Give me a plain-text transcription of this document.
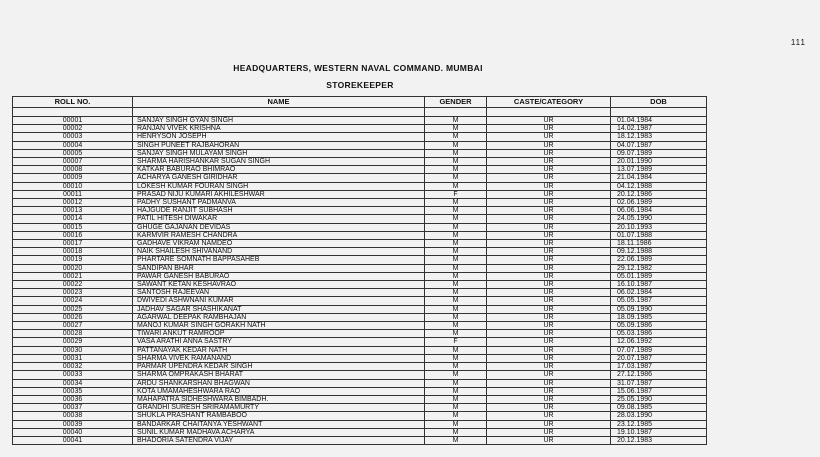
111
HEADQUARTERS, WESTERN NAVAL COMMAND. MUMBAI
STOREKEEPER
ROLL NO.	NAME	GENDER	CASTE/CATEGORY	DOB

00001	SANJAY SINGH GYAN SINGH	M	UR	01.04.1984
00002	RANJAN VIVEK KRISHNA	M	UR	14.02.1987
00003	HENRYSON JOSEPH	M	UR	18.12.1983
00004	SINGH PUNEET RAJBAHORAN	M	UR	04.07.1987
00005	SANJAY SINGH MULAYAM SINGH	M	UR	09.07.1989
00007	SHARMA HARISHANKAR SUGAN SINGH	M	UR	20.01.1990
00008	KATKAR BABURAO BHIMRAO	M	UR	13.07.1989
00009	ACHARYA GANESH GIRIDHAR	M	UR	21.04.1984
00010	LOKESH KUMAR FOURAN SINGH	M	UR	04.12.1988
00011	PRASAD NIJU KUMARI AKHILESHWAR	F	UR	20.12.1986
00012	PADHY SUSHANT PADMANVA	M	UR	02.06.1989
00013	HAJGUDE RANJIT SUBHASH	M	UR	06.06.1984
00014	PATIL HITESH DIWAKAR	M	UR	24.05.1990
00015	GHUGE GAJANAN DEVIDAS	M	UR	20.10.1993
00016	KARMVIR RAMESH CHANDRA	M	UR	01.07.1988
00017	GADHAVE VIKRAM NAMDEO	M	UR	18.11.1986
00018	NAIK SHAILESH SHIVANAND	M	UR	09.12.1988
00019	PHARTARE SOMNATH BAPPASAHEB	M	UR	22.06.1989
00020	SANDIPAN BHAR	M	UR	29.12.1982
00021	PAWAR GANESH BABURAO	M	UR	05.01.1989
00022	SAWANT KETAN KESHAVRAO	M	UR	16.10.1987
00023	SANTOSH RAJEEVAN	M	UR	06.02.1984
00024	DWIVEDI ASHWNANI KUMAR	M	UR	05.05.1987
00025	JADHAV SAGAR SHASHIKANAT	M	UR	05.09.1990
00026	AGARWAL DEEPAK RAMBHAJAN	M	UR	18.09.1985
00027	MANOJ KUMAR SINGH GORAKH NATH	M	UR	05.09.1986
00028	TIWARI ANKUT RAMROOP	M	UR	05.03.1986
00029	VASA ARATHI ANNA SASTRY	F	UR	12.06.1992
00030	PATTANAYAK KEDAR NATH	M	UR	07.07.1989
00031	SHARMA VIVEK RAMANAND	M	UR	20.07.1987
00032	PARMAR UPENDRA KEDAR SINGH	M	UR	17.03.1987
00033	SHARMA OMPRAKASH BHARAT	M	UR	27.12.1986
00034	ARDU SHANKARSHAN BHAGWAN	M	UR	31.07.1987
00035	KOTA UMAMAHESHWARA RAO	M	UR	15.06.1987
00036	MAHAPATRA SIDHESHWARA BIMBADH.	M	UR	25.05.1990
00037	GRANDHI SURESH SRIRAMAMURTY	M	UR	09.08.1985
00038	SHUKLA PRASHANT RAMBABOO	M	UR	28.03.1990
00039	BANDARKAR CHAITANYA YESHWANT	M	UR	23.12.1985
00040	SUNIL KUMAR MADHAVA ACHARYA	M	UR	19.10.1987
00041	BHADORIA SATENDRA VIJAY	M	UR	20.12.1983
